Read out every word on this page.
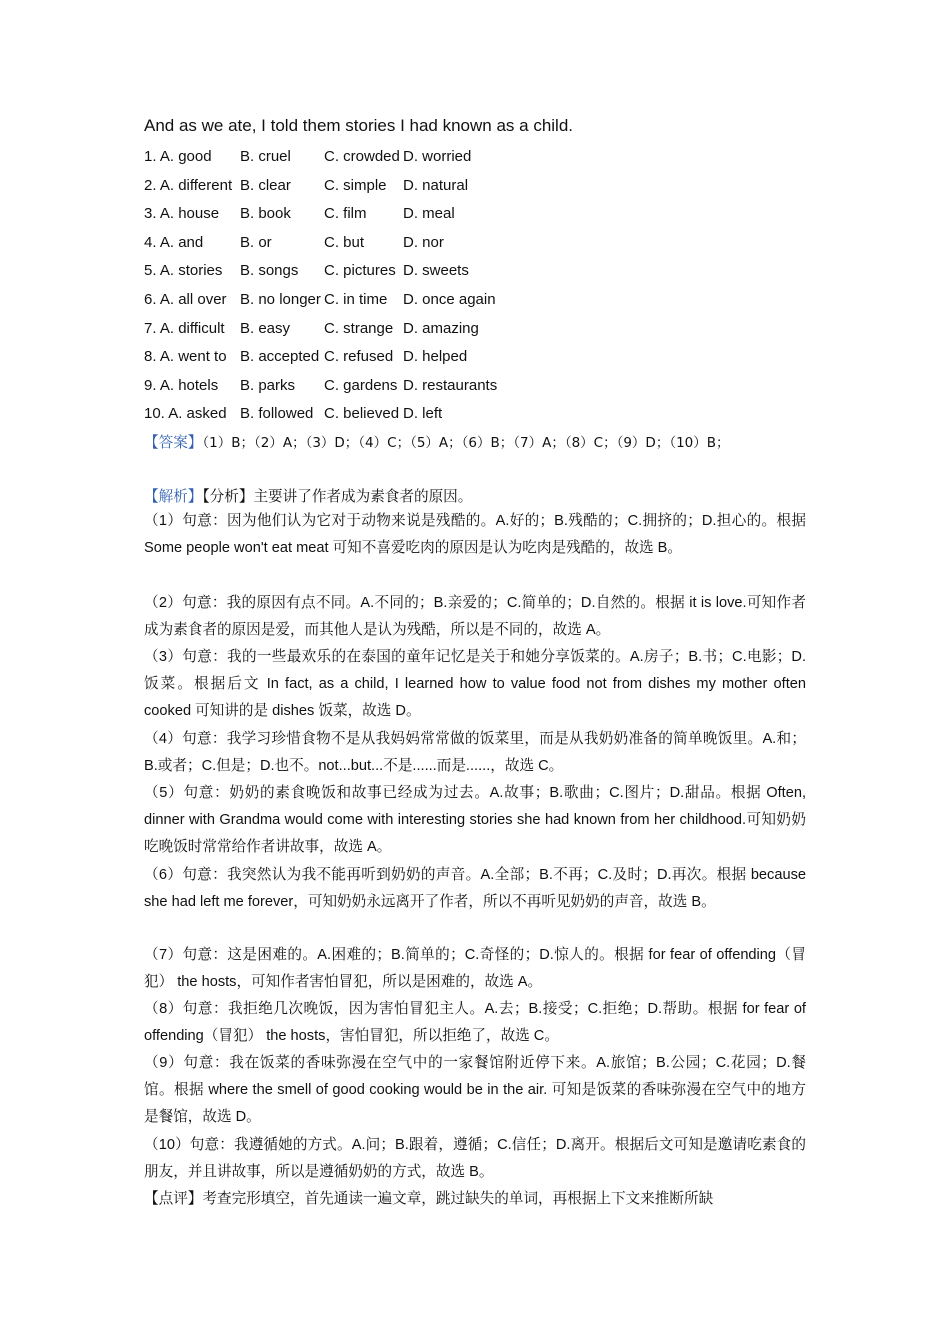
And as we ate, I told them stories I had known as a child.
1. A. good B. cruel C. crowded D. worried
2. A. different B. clear C. simple D. natural
3. A. house B. book C. film D. meal
4. A. and B. or	C. but	D. nor
5. A. stories B. songs C. pictures D. sweets
6. A. all over B. no longer C. in time D. once again
7. A. difficult B. easy C. strange D. amazing
8. A. went to B. accepted C. refused D. helped
9. A. hotels B. parks C. gardens D. restaurants
10. A. asked B. followed C. believed D. left
【答案】（1）B；（2）A；（3）D；（4）C；（5）A；（6）B；（7）A；（8）C；（9）D；（10）B；
【解析】【分析】主要讲了作者成为素食者的原因。
（1）句意：因为他们认为它对于动物来说是残酷的。A.好的；B.残酷的；C.拥挤的；D.担心的。根据 Some people won't eat meat 可知不喜爱吃肉的原因是认为吃肉是残酷的，故选 B。
（2）句意：我的原因有点不同。A.不同的；B.亲爱的；C.简单的；D.自然的。根据 it is love.可知作者成为素食者的原因是爱，而其他人是认为残酷，所以是不同的，故选 A。
（3）句意：我的一些最欢乐的在泰国的童年记忆是关于和她分享饭菜的。A.房子；B.书；C.电影；D.饭菜。根据后文 In fact, as a child, I learned how to value food not from dishes my mother often cooked 可知讲的是 dishes 饭菜，故选 D。
（4）句意：我学习珍惜食物不是从我妈妈常常做的饭菜里，而是从我奶奶准备的简单晚饭里。A.和；B.或者；C.但是；D.也不。not...but...不是......而是......，故选 C。
（5）句意：奶奶的素食晚饭和故事已经成为过去。A.故事；B.歌曲；C.图片；D.甜品。根据 Often, dinner with Grandma would come with interesting stories she had known from her childhood.可知奶奶吃晚饭时常常给作者讲故事，故选 A。
（6）句意：我突然认为我不能再听到奶奶的声音。A.全部；B.不再；C.及时；D.再次。根据 because she had left me forever，可知奶奶永远离开了作者，所以不再听见奶奶的声音，故选 B。
（7）句意：这是困难的。A.困难的；B.简单的；C.奇怪的；D.惊人的。根据 for fear of offending（冒犯） the hosts，可知作者害怕冒犯，所以是困难的，故选 A。
（8）句意：我拒绝几次晚饭，因为害怕冒犯主人。A.去；B.接受；C.拒绝；D.帮助。根据 for fear of offending（冒犯） the hosts，害怕冒犯，所以拒绝了，故选 C。
（9）句意：我在饭菜的香味弥漫在空气中的一家餐馆附近停下来。A.旅馆；B.公园；C.花园；D.餐馆。根据 where the smell of good cooking would be in the air. 可知是饭菜的香味弥漫在空气中的地方是餐馆，故选 D。
（10）句意：我遵循她的方式。A.问；B.跟着，遵循；C.信任；D.离开。根据后文可知是邀请吃素食的朋友，并且讲故事，所以是遵循奶奶的方式，故选 B。
【点评】考查完形填空，首先通读一遍文章，跳过缺失的单词，再根据上下文来推断所缺
